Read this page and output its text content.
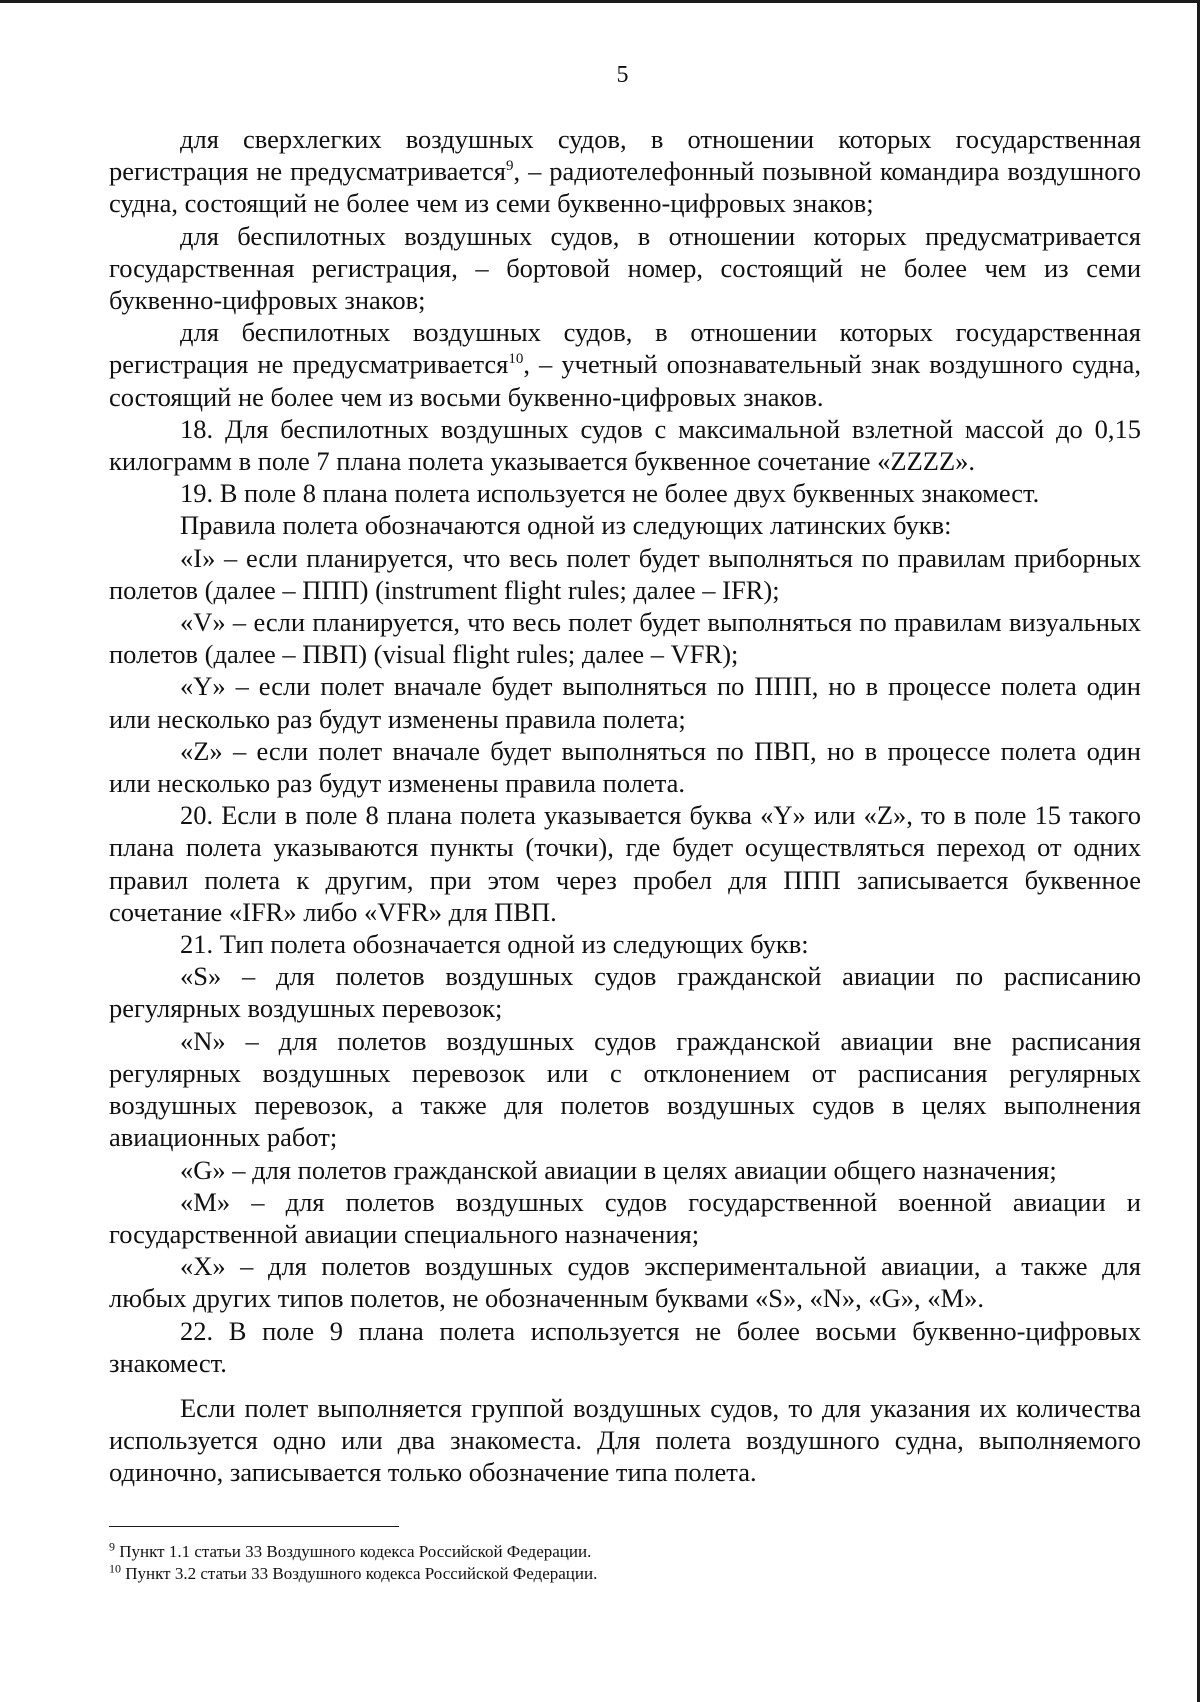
5

для сверхлегких воздушных судов, в отношении которых государственная регистрация не предусматривается$^9$, – радиотелефонный позывной командира воздушного судна, состоящий не более чем из семи буквенно-цифровых знаков;

для беспилотных воздушных судов, в отношении которых предусматривается государственная регистрация, – бортовой номер, состоящий не более чем из семи буквенно-цифровых знаков;

для беспилотных воздушных судов, в отношении которых государственная регистрация не предусматривается$^{10}$, – учетный опознавательный знак воздушного судна, состоящий не более чем из восьми буквенно-цифровых знаков.

18. Для беспилотных воздушных судов с максимальной взлетной массой до 0,15 килограмм в поле 7 плана полета указывается буквенное сочетание «ZZZZ».

19. В поле 8 плана полета используется не более двух буквенных знакомест.

Правила полета обозначаются одной из следующих латинских букв:

«I» – если планируется, что весь полет будет выполняться по правилам приборных полетов (далее – ППП) (instrument flight rules; далее – IFR);

«V» – если планируется, что весь полет будет выполняться по правилам визуальных полетов (далее – ПВП) (visual flight rules; далее – VFR);

«Y» – если полет вначале будет выполняться по ППП, но в процессе полета один или несколько раз будут изменены правила полета;

«Z» – если полет вначале будет выполняться по ПВП, но в процессе полета один или несколько раз будут изменены правила полета.

20. Если в поле 8 плана полета указывается буква «Y» или «Z», то в поле 15 такого плана полета указываются пункты (точки), где будет осуществляться переход от одних правил полета к другим, при этом через пробел для ППП записывается буквенное сочетание «IFR» либо «VFR» для ПВП.

21. Тип полета обозначается одной из следующих букв:

«S» – для полетов воздушных судов гражданской авиации по расписанию регулярных воздушных перевозок;

«N» – для полетов воздушных судов гражданской авиации вне расписания регулярных воздушных перевозок или с отклонением от расписания регулярных воздушных перевозок, а также для полетов воздушных судов в целях выполнения авиационных работ;

«G» – для полетов гражданской авиации в целях авиации общего назначения;

«M» – для полетов воздушных судов государственной военной авиации и государственной авиации специального назначения;

«X» – для полетов воздушных судов экспериментальной авиации, а также для любых других типов полетов, не обозначенным буквами «S», «N», «G», «M».

22. В поле 9 плана полета используется не более восьми буквенно-цифровых знакомест.

Если полет выполняется группой воздушных судов, то для указания их количества используется одно или два знакоместа. Для полета воздушного судна, выполняемого одиночно, записывается только обозначение типа полета.

$^9$ Пункт 1.1 статьи 33 Воздушного кодекса Российской Федерации.

$^{10}$ Пункт 3.2 статьи 33 Воздушного кодекса Российской Федерации.
